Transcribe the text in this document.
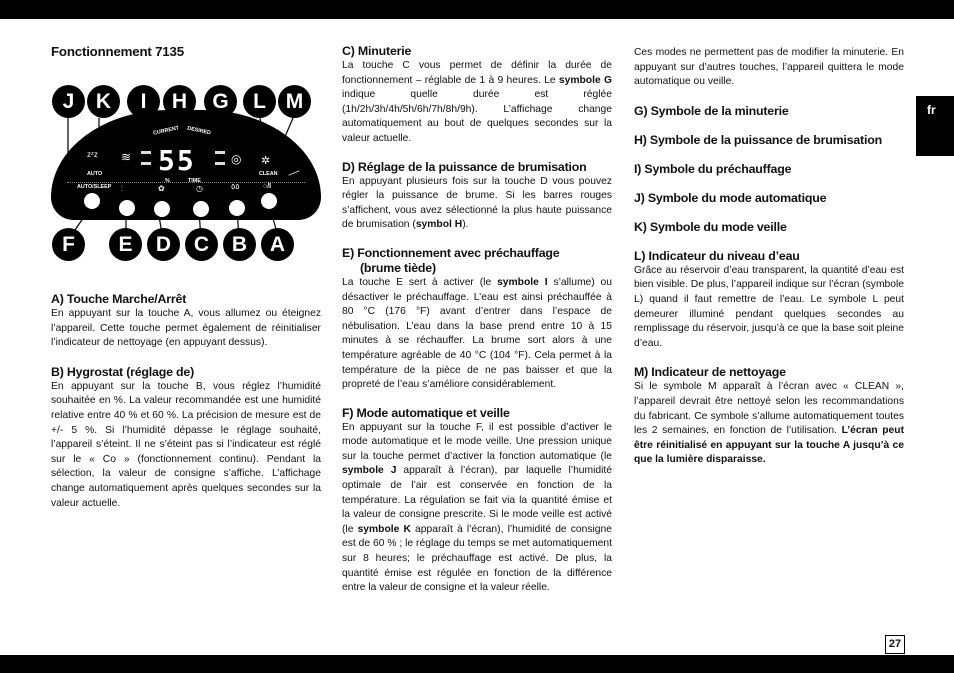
fr
27
Fonctionnement 7135
A) Touche Marche/Arrêt

En appuyant sur la touche A, vous allumez ou éteignez l’appareil. Cette touche permet également de réinitialiser l’indicateur de nettoyage (en appuyant dessus).

B) Hygrostat (réglage de)

En appuyant sur la touche B, vous réglez l’humidité souhaitée en %. La valeur recommandée est une humidité relative entre 40 % et 60 %. La précision de mesure est de +/- 5 %. Si l’humidité dépasse le réglage souhaité, l’appareil s’éteint. Il ne s’éteint pas si l’indicateur est réglé sur le « Co » (fonctionnement continu). Pendant la sélection, la valeur de consigne s’affiche. L’affichage change automatiquement après quelques secondes sur la valeur actuelle.

J	K	I	H	G	L M
zᶻz
AUTO
≋
CURRENT DESIRED
55
▬
▬
▬
▬
%	TIME
◎ ✲
CLEAN ╱
AUTO/SLEEP ⫶	✿	◷	٥٥	○/I
F	E	D	C	B	A
C) Minuterie

La touche C vous permet de définir la durée de fonctionnement – réglable de 1 à 9 heures. Le symbole G indique quelle durée est réglée (1h/2h/3h/4h/5h/6h/7h/8h/9h). L’affichage change automatiquement au bout de quelques secondes sur la valeur actuelle.

D) Réglage de la puissance de brumisation

En appuyant plusieurs fois sur la touche D vous pouvez régler la puissance de brume. Si les barres rouges s’affichent, vous avez sélectionné la plus haute puissance de brumisation (symbol H).

E) Fonctionnement avec préchauffage
(brume tiède)

La touche E sert à activer (le symbole I s’allume) ou désactiver le préchauffage. L’eau est ainsi préchauffée à 80 °C (176 °F) avant d’entrer dans l’espace de nébulisation. L’eau dans la base prend entre 10 à 15 minutes à se réchauffer. La brume sort alors à une température agréable de 40 °C (104 °F). Cela permet à la température de la pièce de ne pas baisser et que la propreté de l’eau s’améliore considérablement.

F) Mode automatique et veille

En appuyant sur la touche F, il est possible d’activer le mode automatique et le mode veille. Une pression unique sur la touche permet d’activer la fonction automatique (le symbole J apparaît à l’écran), par laquelle l’humidité optimale de l’air est conservée en fonction de la température. La régulation se fait via la quantité émise et la valeur de consigne prescrite. Si le mode veille est activé (le symbole K apparaît à l’écran), l’humidité de consigne est de 60 % ; le réglage du temps se met automatiquement sur 8 heures; le préchauffage est activé. De plus, la quantité émise est régulée en fonction de la différence entre la valeur de consigne et la valeur réelle.

Ces modes ne permettent pas de modifier la minuterie. En appuyant sur d’autres touches, l’appareil quittera le mode automatique ou veille.

G) Symbole de la minuterie
H) Symbole de la puissance de brumisation
I) Symbole du préchauffage
J) Symbole du mode automatique
K) Symbole du mode veille
L) Indicateur du niveau d’eau

Grâce au réservoir d’eau transparent, la quantité d’eau est bien visible. De plus, l’appareil indique sur l’écran (symbole L) quand il faut remettre de l’eau. Le symbole L peut demeurer illuminé pendant quelques secondes au remplissage du réservoir, jusqu’à ce que la base soit pleine d’eau.

M) Indicateur de nettoyage

Si le symbole M apparaît à l’écran avec « CLEAN », l’appareil devrait être nettoyé selon les recommandations du fabricant. Ce symbole s’allume automatiquement toutes les 2 semaines, en fonction de l’utilisation. L’écran peut être réinitialisé en appuyant sur la touche A jusqu’à ce que la lumière disparaisse.
